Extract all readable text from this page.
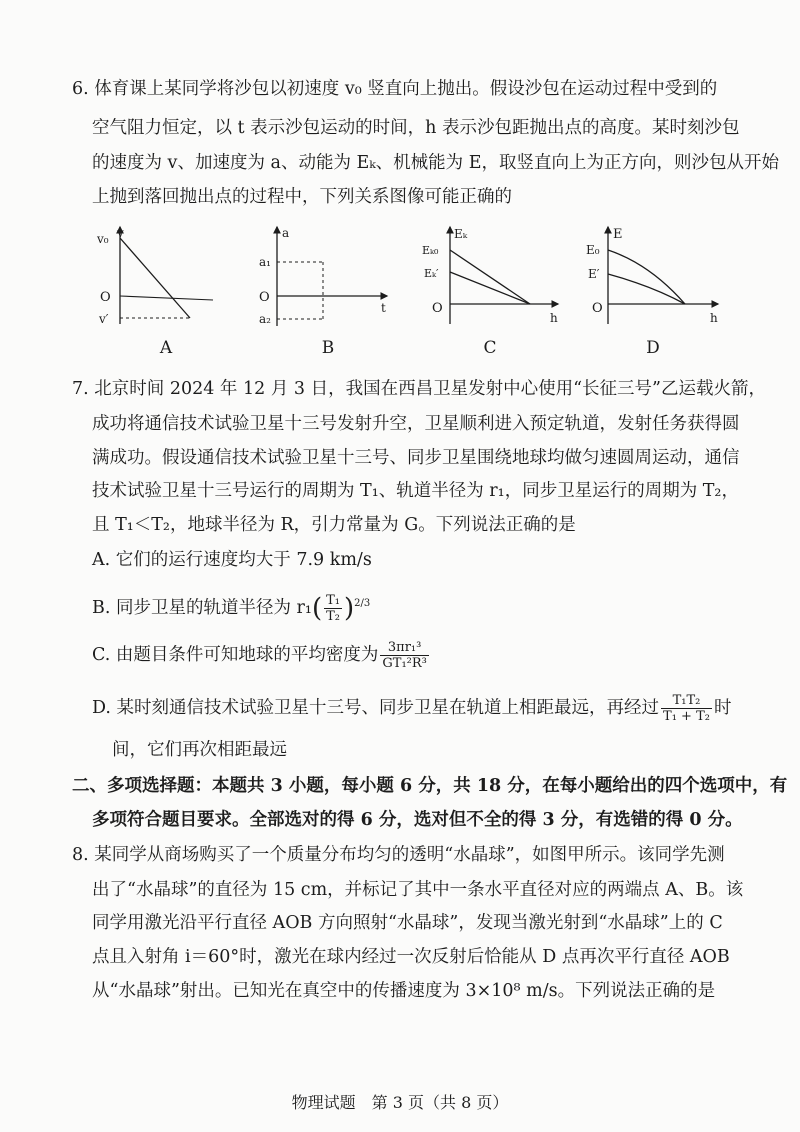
6. 体育课上某同学将沙包以初速度 v₀ 竖直向上抛出。假设沙包在运动过程中受到的
空气阻力恒定，以 t 表示沙包运动的时间，h 表示沙包距抛出点的高度。某时刻沙包
的速度为 v、加速度为 a、动能为 Eₖ、机械能为 E，取竖直向上为正方向，则沙包从开始
上抛到落回抛出点的过程中，下列关系图像可能正确的
v
v₀
O
v′
A
a
a₁
O
a₂
t
B
Eₖ
Eₖ₀
Eₖ′
O
h
C
E
E₀
E′
O
h
D
7. 北京时间 2024 年 12 月 3 日，我国在西昌卫星发射中心使用“长征三号”乙运载火箭，
成功将通信技术试验卫星十三号发射升空，卫星顺利进入预定轨道，发射任务获得圆
满成功。假设通信技术试验卫星十三号、同步卫星围绕地球均做匀速圆周运动，通信
技术试验卫星十三号运行的周期为 T₁、轨道半径为 r₁，同步卫星运行的周期为 T₂，
且 T₁＜T₂，地球半径为 R，引力常量为 G。下列说法正确的是
A. 它们的运行速度均大于 7.9 km/s
B. 同步卫星的轨道半径为 $r_1( \frac{\text{T₁}}{\text{T₂}} )^{2/3}$
C. 由题目条件可知地球的平均密度为 $\frac{\text{3πr₁³}}{\text{GT₁²R³}}$
D. 某时刻通信技术试验卫星十三号、同步卫星在轨道上相距最远，再经过 $\frac{\text{T₁T₂}}{\text{T₁ + T₂}}$ 时
间，它们再次相距最远
二、多项选择题：本题共 3 小题，每小题 6 分，共 18 分，在每小题给出的四个选项中，有
多项符合题目要求。全部选对的得 6 分，选对但不全的得 3 分，有选错的得 0 分。
8. 某同学从商场购买了一个质量分布均匀的透明“水晶球”，如图甲所示。该同学先测
出了“水晶球”的直径为 15 cm，并标记了其中一条水平直径对应的两端点 A、B。该
同学用激光沿平行直径 AOB 方向照射“水晶球”，发现当激光射到“水晶球”上的 C
点且入射角 i＝60°时，激光在球内经过一次反射后恰能从 D 点再次平行直径 AOB
从“水晶球”射出。已知光在真空中的传播速度为 3×10⁸ m/s。下列说法正确的是
物理试题　第 3 页（共 8 页）
